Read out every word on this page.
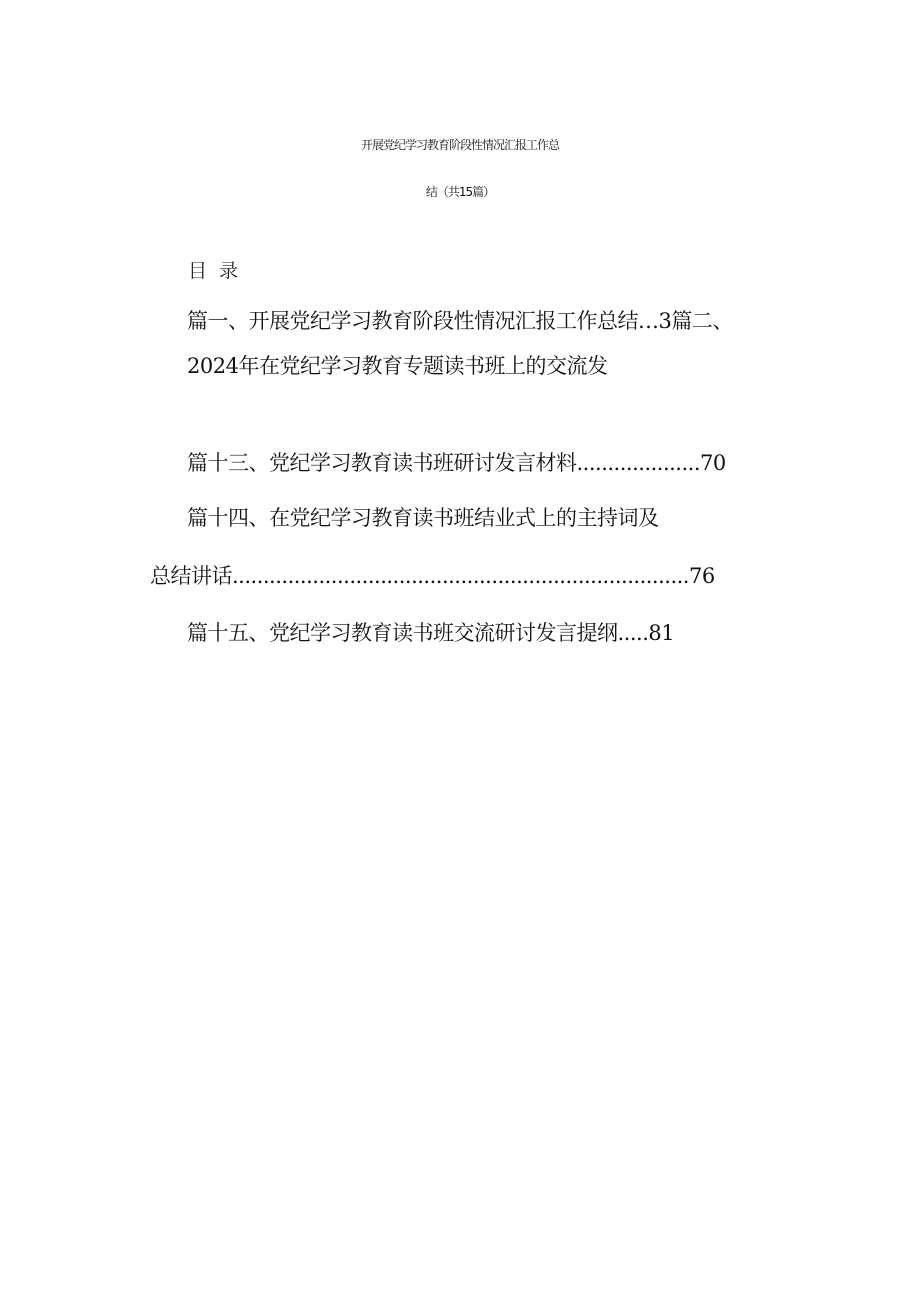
开展党纪学习教育阶段性情况汇报工作总
结（共15篇）
目 录
篇一、开展党纪学习教育阶段性情况汇报工作总结…3篇二、
2024年在党纪学习教育专题读书班上的交流发
篇十三、党纪学习教育读书班研讨发言材料....................70
篇十四、在党纪学习教育读书班结业式上的主持词及
总结讲话..........................................................................76
篇十五、党纪学习教育读书班交流研讨发言提纲.....81
